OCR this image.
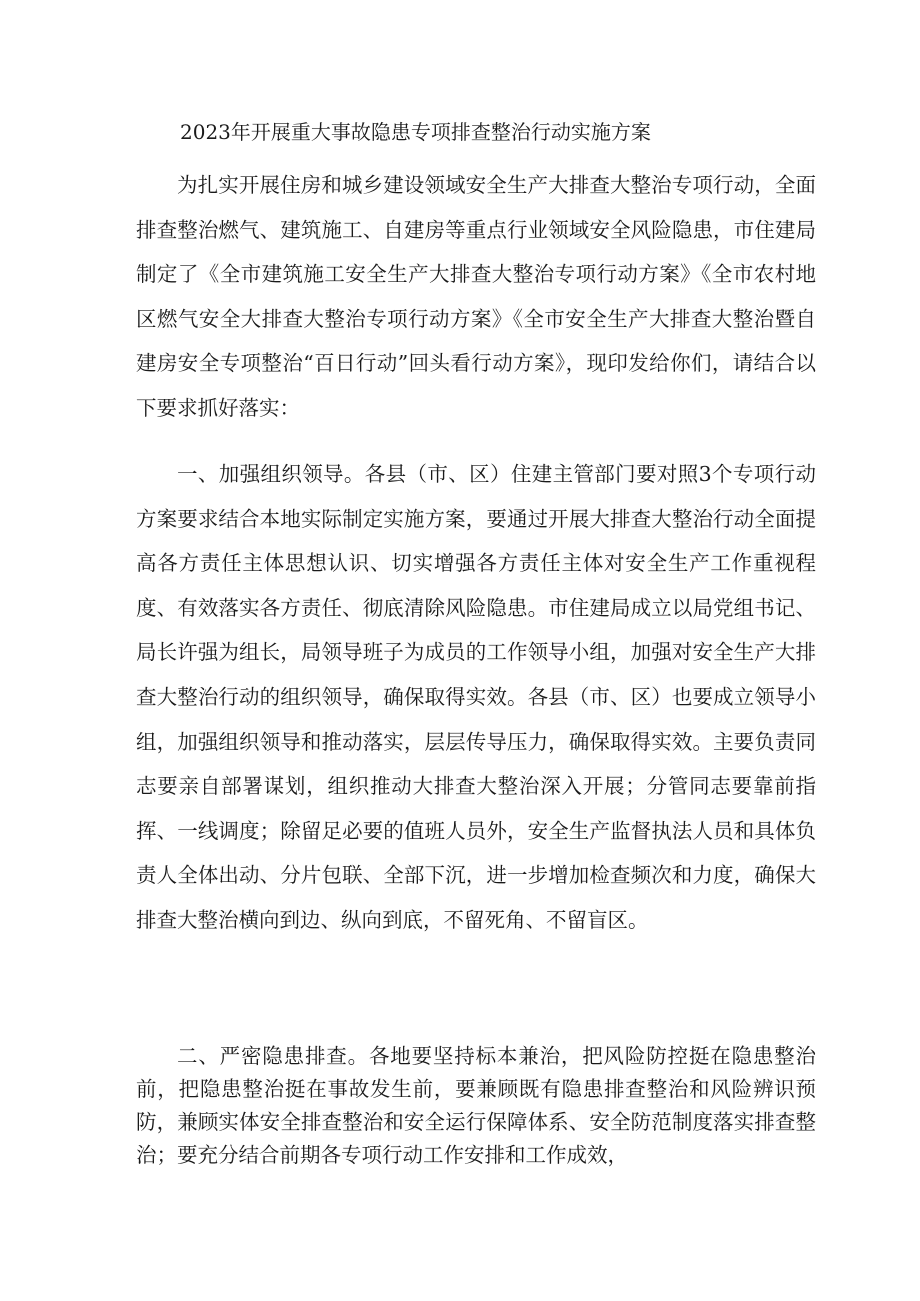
2023年开展重大事故隐患专项排查整治行动实施方案

为扎实开展住房和城乡建设领域安全生产大排查大整治专项行动，全面排查整治燃气、建筑施工、自建房等重点行业领域安全风险隐患，市住建局制定了《全市建筑施工安全生产大排查大整治专项行动方案》《全市农村地区燃气安全大排查大整治专项行动方案》《全市安全生产大排查大整治暨自建房安全专项整治“百日行动”回头看行动方案》，现印发给你们，请结合以下要求抓好落实：

一、加强组织领导。各县（市、区）住建主管部门要对照3个专项行动方案要求结合本地实际制定实施方案，要通过开展大排查大整治行动全面提高各方责任主体思想认识、切实增强各方责任主体对安全生产工作重视程度、有效落实各方责任、彻底清除风险隐患。市住建局成立以局党组书记、局长许强为组长，局领导班子为成员的工作领导小组，加强对安全生产大排查大整治行动的组织领导，确保取得实效。各县（市、区）也要成立领导小组，加强组织领导和推动落实，层层传导压力，确保取得实效。主要负责同志要亲自部署谋划，组织推动大排查大整治深入开展；分管同志要靠前指挥、一线调度；除留足必要的值班人员外，安全生产监督执法人员和具体负责人全体出动、分片包联、全部下沉，进一步增加检查频次和力度，确保大排查大整治横向到边、纵向到底，不留死角、不留盲区。

二、严密隐患排查。各地要坚持标本兼治，把风险防控挺在隐患整治前，把隐患整治挺在事故发生前，要兼顾既有隐患排查整治和风险辨识预防，兼顾实体安全排查整治和安全运行保障体系、安全防范制度落实排查整治；要充分结合前期各专项行动工作安排和工作成效，
